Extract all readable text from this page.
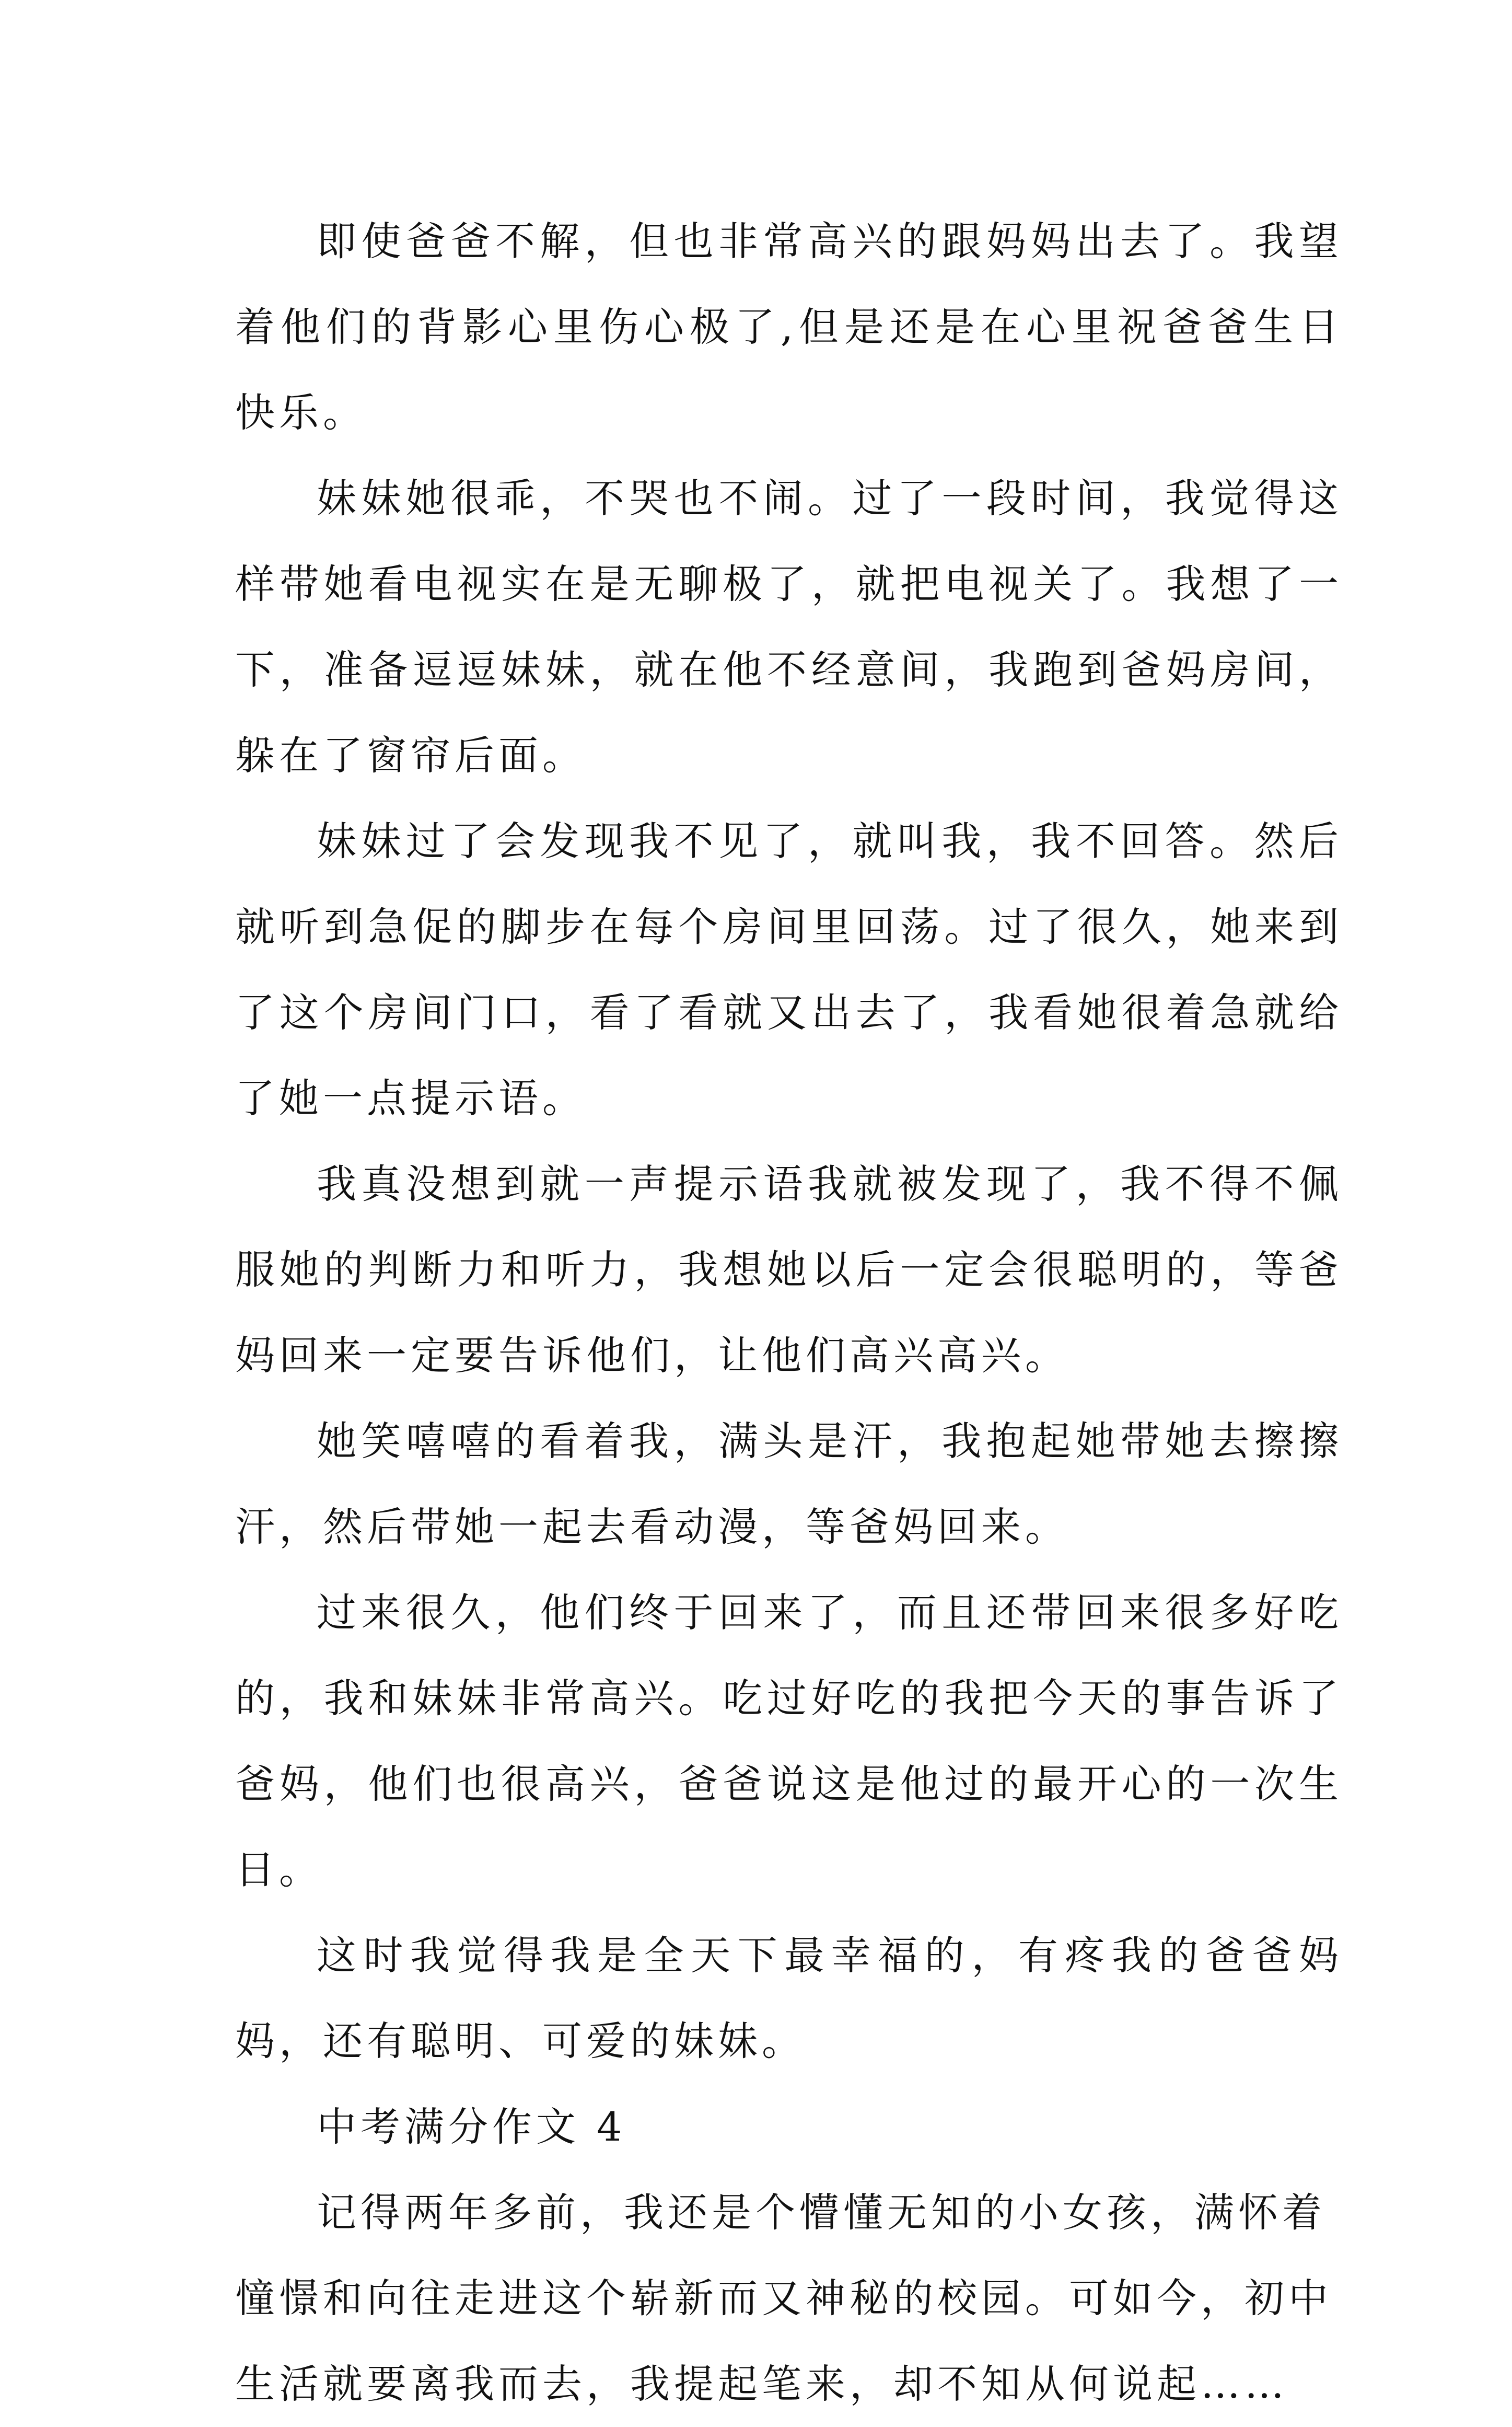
即使爸爸不解，但也非常高兴的跟妈妈出去了。我望着他们的背影心里伤心极了,但是还是在心里祝爸爸生日快乐。

妹妹她很乖，不哭也不闹。过了一段时间，我觉得这样带她看电视实在是无聊极了，就把电视关了。我想了一下，准备逗逗妹妹，就在他不经意间，我跑到爸妈房间，躲在了窗帘后面。

妹妹过了会发现我不见了，就叫我，我不回答。然后就听到急促的脚步在每个房间里回荡。过了很久，她来到了这个房间门口，看了看就又出去了，我看她很着急就给了她一点提示语。

我真没想到就一声提示语我就被发现了，我不得不佩服她的判断力和听力，我想她以后一定会很聪明的，等爸妈回来一定要告诉他们，让他们高兴高兴。

她笑嘻嘻的看着我，满头是汗，我抱起她带她去擦擦汗，然后带她一起去看动漫，等爸妈回来。

过来很久，他们终于回来了，而且还带回来很多好吃的，我和妹妹非常高兴。吃过好吃的我把今天的事告诉了爸妈，他们也很高兴，爸爸说这是他过的最开心的一次生日。

这时我觉得我是全天下最幸福的，有疼我的爸爸妈妈，还有聪明、可爱的妹妹。

中考满分作文 4

记得两年多前，我还是个懵懂无知的小女孩，满怀着憧憬和向往走进这个崭新而又神秘的校园。可如今，初中生活就要离我而去，我提起笔来，却不知从何说起……
